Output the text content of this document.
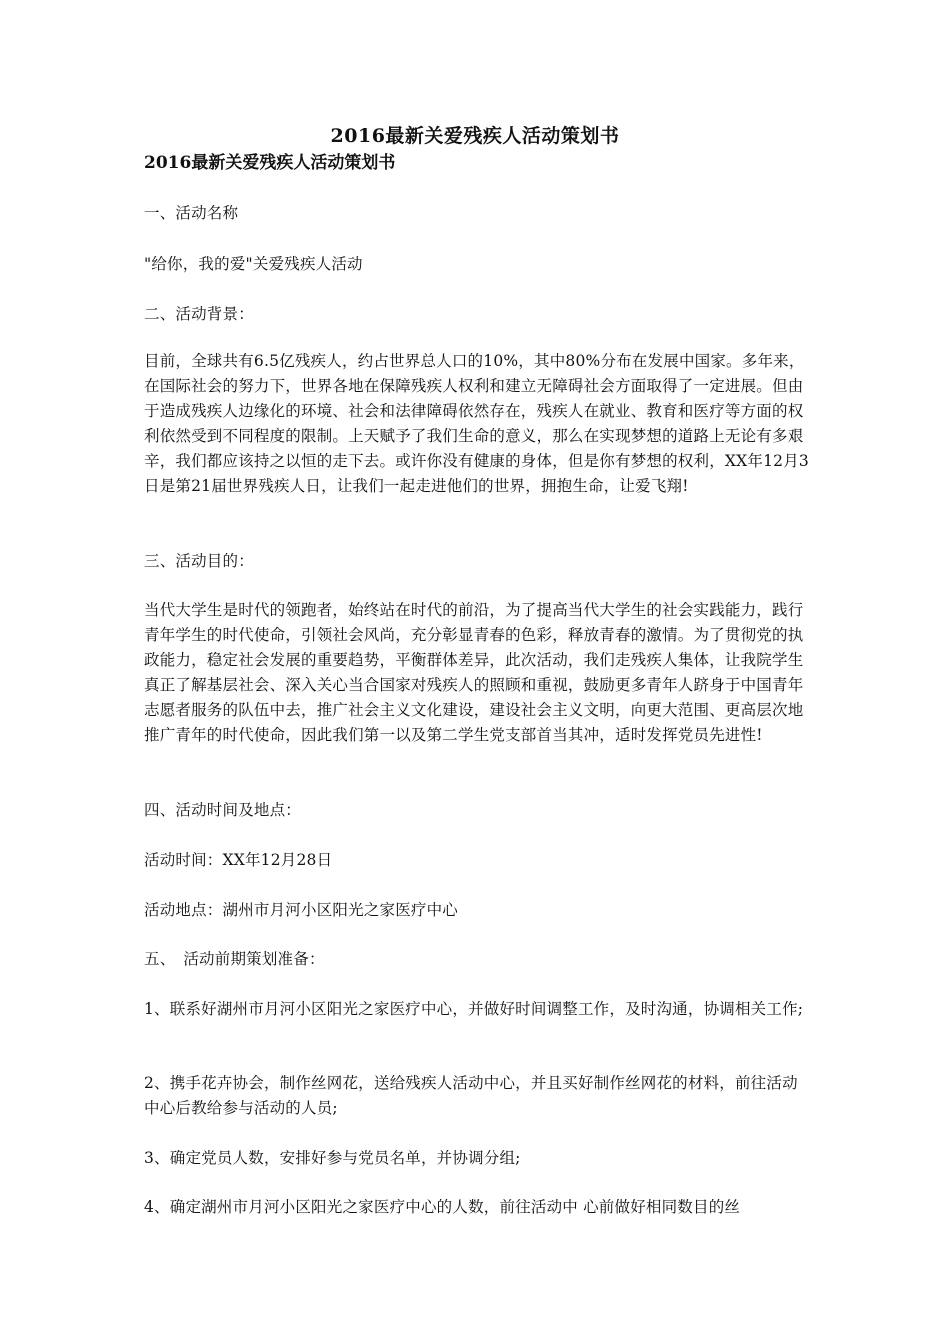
2016最新关爱残疾人活动策划书
2016最新关爱残疾人活动策划书

一、活动名称

"给你，我的爱"关爱残疾人活动

二、活动背景：

目前，全球共有6.5亿残疾人，约占世界总人口的10%，其中80%分布在发展中国家。多年来，在国际社会的努力下，世界各地在保障残疾人权利和建立无障碍社会方面取得了一定进展。但由于造成残疾人边缘化的环境、社会和法律障碍依然存在，残疾人在就业、教育和医疗等方面的权利依然受到不同程度的限制。上天赋予了我们生命的意义，那么在实现梦想的道路上无论有多艰辛，我们都应该持之以恒的走下去。或许你没有健康的身体，但是你有梦想的权利，XX年12月3日是第21届世界残疾人日，让我们一起走进他们的世界，拥抱生命，让爱飞翔!

三、活动目的：

当代大学生是时代的领跑者，始终站在时代的前沿，为了提高当代大学生的社会实践能力，践行青年学生的时代使命，引领社会风尚，充分彰显青春的色彩，释放青春的激情。为了贯彻党的执政能力，稳定社会发展的重要趋势，平衡群体差异，此次活动，我们走残疾人集体，让我院学生真正了解基层社会、深入关心当合国家对残疾人的照顾和重视，鼓励更多青年人跻身于中国青年志愿者服务的队伍中去，推广社会主义文化建设，建设社会主义文明，向更大范围、更高层次地推广青年的时代使命，因此我们第一以及第二学生党支部首当其冲，适时发挥党员先进性!

四、活动时间及地点：

活动时间：XX年12月28日

活动地点：湖州市月河小区阳光之家医疗中心

五、　活动前期策划准备：

1、联系好湖州市月河小区阳光之家医疗中心，并做好时间调整工作，及时沟通，协调相关工作;

2、携手花卉协会，制作丝网花，送给残疾人活动中心，并且买好制作丝网花的材料，前往活动中心后教给参与活动的人员;

3、确定党员人数，安排好参与党员名单，并协调分组;

4、确定湖州市月河小区阳光之家医疗中心的人数，前往活动中 心前做好相同数目的丝
